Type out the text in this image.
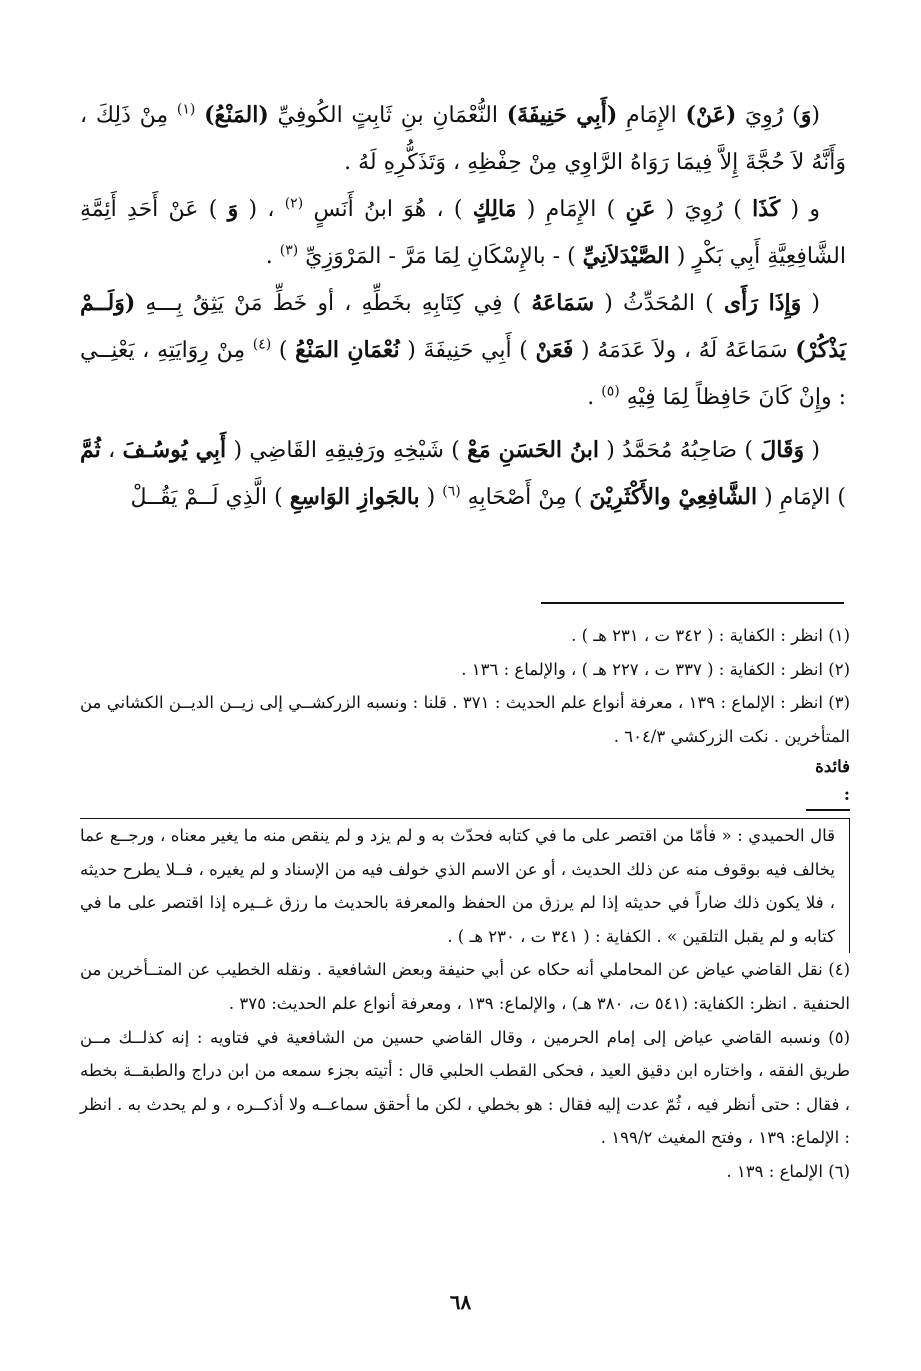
(وَ) رُوِيَ (عَنْ) الإِمَامِ (أَبِي حَنِيفَةَ) النُّعْمَانِ بنِ ثَابِتٍ الكُوفِيِّ (المَنْعُ) $^{(١)}$ مِنْ ذَلِكَ ، وَأَنَّهُ لاَ حُجَّةَ إِلاَّ فِيمَا رَوَاهُ الرَّاوِي مِنْ حِفْظِهِ ، وَتَذَكُّرِهِ لَهُ .

و ( كَذَا ) رُوِيَ ( عَنِ ) الإِمَامِ ( مَالِكٍ ) ، هُوَ ابنُ أَنَسٍ $^{(٢)}$ ، ( وَ ) عَنْ أَحَدِ أَئِمَّةِ الشَّافِعِيَّةِ أَبِي بَكْرٍ ( الصَّيْدَلاَنِيِّ ) - بالإِسْكَانِ لِمَا مَرَّ - المَرْوَزِيِّ $^{(٣)}$ .

( وَإِذَا رَأَى ) المُحَدِّثُ ( سَمَاعَهُ ) فِي كِتَابِهِ بخَطِّهِ ، أو خَطِّ مَنْ يَثِقُ بِـــهِ (وَلَــمْ يَذْكُرْ) سَمَاعَهُ لَهُ ، ولاَ عَدَمَهُ ( فَعَنْ ) أَبِي حَنِيفَةَ ( نُعْمَانِ المَنْعُ ) $^{(٤)}$ مِنْ رِوَايَتِهِ ، يَعْنِــي : وإِنْ كَانَ حَافِظاً لِمَا فِيْهِ $^{(٥)}$ .

( وَقَالَ ) صَاحِبُهُ مُحَمَّدُ ( ابنُ الحَسَنِ مَعْ ) شَيْخِهِ ورَفِيقِهِ القَاضِي ( أَبِي يُوسُـفَ ، ثُمَّ ) الإمَامِ ( الشَّافِعِيْ والأَكْثَرِيْنَ ) مِنْ أَصْحَابِهِ $^{(٦)}$ ( بالجَوازِ الوَاسِعِ ) الَّذِي لَــمْ يَقُــلْ

(١) انظر : الكفاية : ( ٣٤٢ ت ، ٢٣١ هـ ) .

(٢) انظر : الكفاية : ( ٣٣٧ ت ، ٢٢٧ هـ ) ، والإلماع : ١٣٦ .

(٣) انظر : الإلماع : ١٣٩ ، معرفة أنواع علم الحديث : ٣٧١ . قلنا : ونسبه الزركشــي إلى زيــن الديــن الكشاني من المتأخرين . نكت الزركشي ٦٠٤/٣ .

فائدة :

قال الحميدي : « فأمّا من اقتصر على ما في كتابه فحدّث به و لم يزد و لم ينقص منه ما يغير معناه ، ورجــع عما يخالف فيه بوقوف منه عن ذلك الحديث ، أو عن الاسم الذي خولف فيه من الإسناد و لم يغيره ، فــلا يطرح حديثه ، فلا يكون ذلك ضاراً في حديثه إذا لم يرزق من الحفظ والمعرفة بالحديث ما رزق غــيره إذا اقتصر على ما في كتابه و لم يقبل التلقين » . الكفاية : ( ٣٤١ ت ، ٢٣٠ هـ ) .

(٤) نقل القاضي عياض عن المحاملي أنه حكاه عن أبي حنيفة وبعض الشافعية . ونقله الخطيب عن المتــأخرين من الحنفية . انظر: الكفاية: (٥٤١ ت، ٣٨٠ هـ) ، والإلماع: ١٣٩ ، ومعرفة أنواع علم الحديث: ٣٧٥ .

(٥) ونسبه القاضي عياض إلى إمام الحرمين ، وقال القاضي حسين من الشافعية في فتاويه : إنه كذلــك مــن طريق الفقه ، واختاره ابن دقيق العيد ، فحكى القطب الحلبي قال : أتيته بجزء سمعه من ابن دراج والطبقــة بخطه ، فقال : حتى أنظر فيه ، ثُمّ عدت إليه فقال : هو بخطي ، لكن ما أحقق سماعــه ولا أذكــره ، و لم يحدث به . انظر : الإلماع: ١٣٩ ، وفتح المغيث ١٩٩/٢ .

(٦) الإلماع : ١٣٩ .

٦٨
